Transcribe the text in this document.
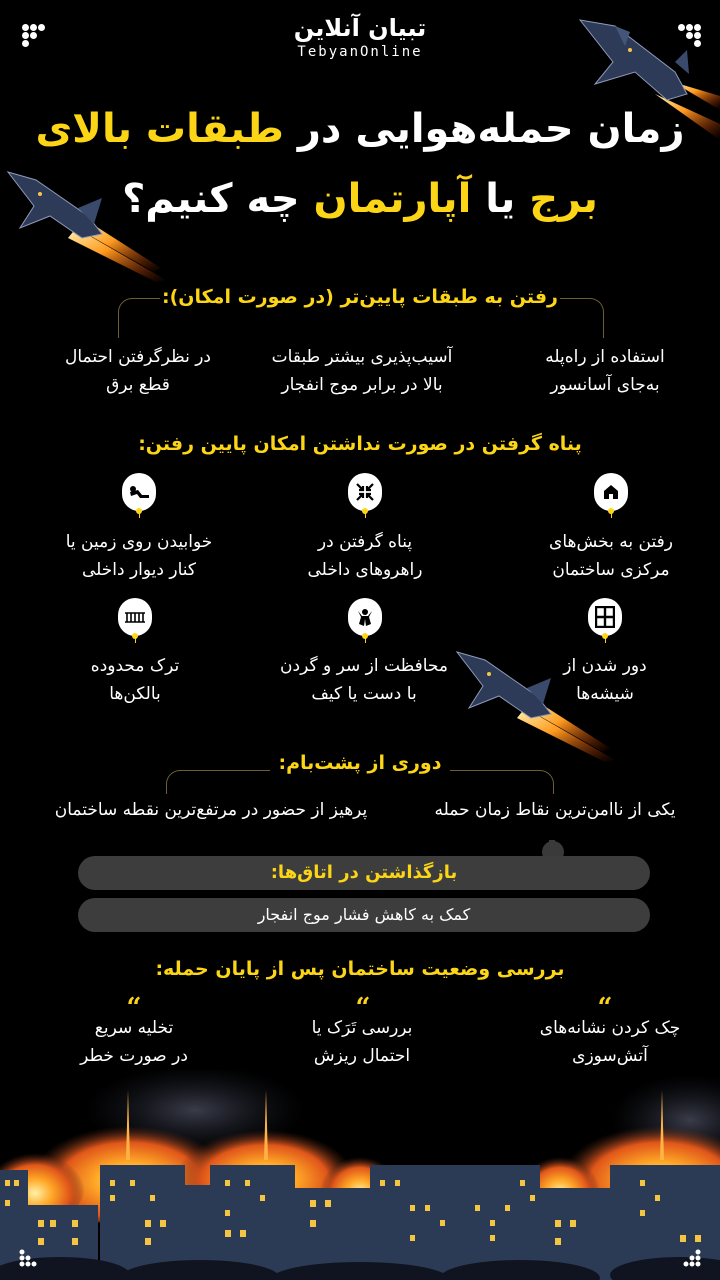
تبیان آنلاین
TebyanOnline
زمان حمله‌هوایی در طبقات بالای
برج یا آپارتمان چه کنیم؟
رفتن به طبقات پایین‌تر (در صورت امکان):
استفاده از راه‌پله
به‌جای آسانسور
آسیب‌پذیری بیشتر طبقات
بالا در برابر موج انفجار
در نظرگرفتن احتمال
قطع برق
پناه گرفتن در صورت نداشتن امکان پایین رفتن:
رفتن به بخش‌های
مرکزی ساختمان
پناه گرفتن در
راهروهای داخلی
خوابیدن روی زمین یا
کنار دیوار داخلی
دور شدن از
شیشه‌ها
محافظت از سر و گردن
با دست یا کیف
ترک محدوده
بالکن‌ها
دوری از پشت‌بام:
یکی از ناامن‌ترین نقاط زمان حمله
پرهیز از حضور در مرتفع‌ترین نقطه ساختمان
بازگذاشتن در اتاق‌ها:
کمک به کاهش فشار موج انفجار
بررسی وضعیت ساختمان پس از پایان حمله:
“
“
“
چک کردن نشانه‌های
آتش‌سوزی
بررسی تَرَک یا
احتمال ریزش
تخلیه سریع
در صورت خطر
